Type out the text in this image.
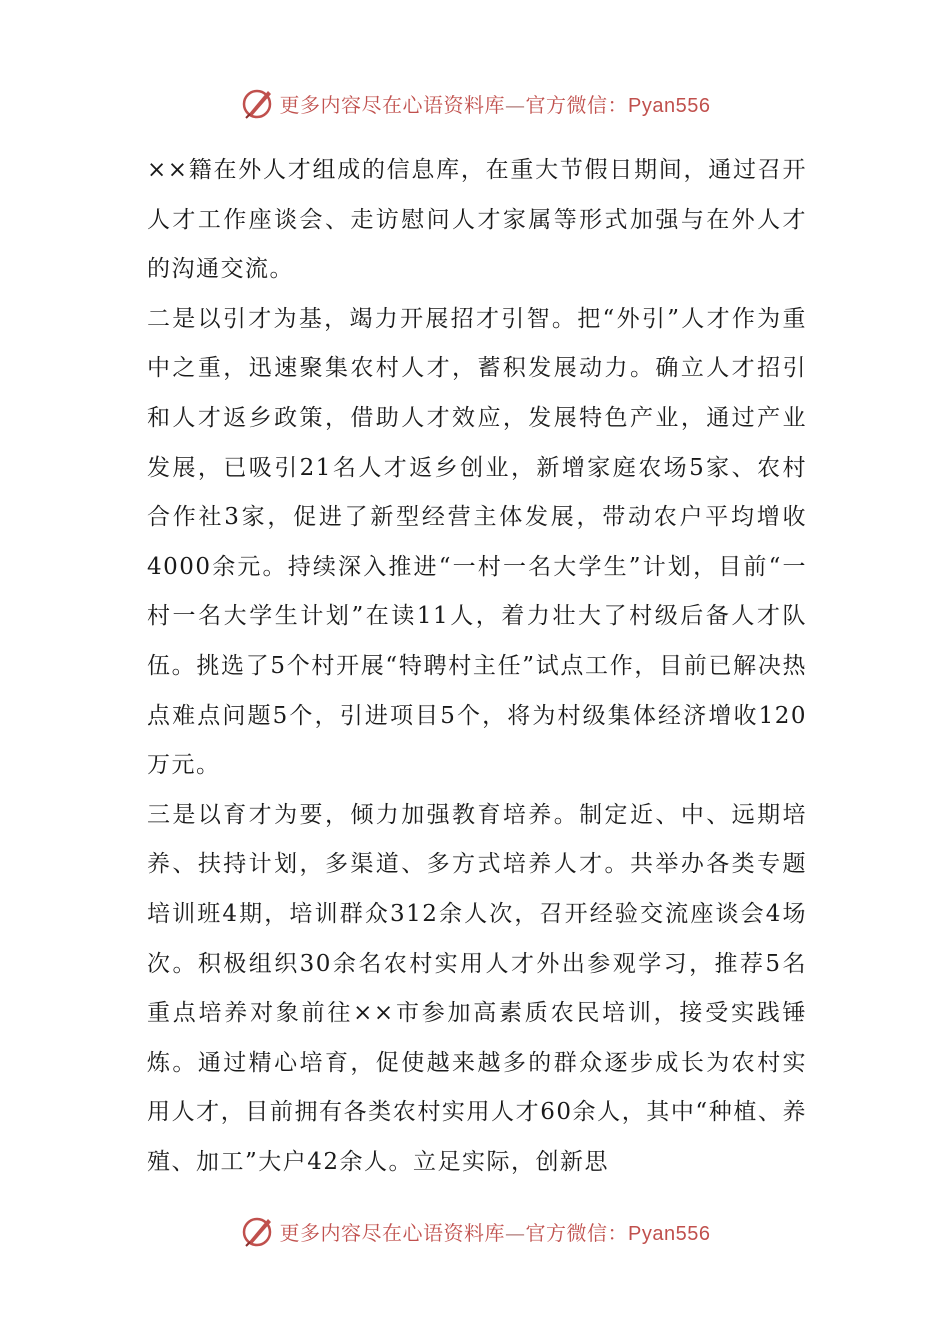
更多内容尽在心语资料库—官方微信：Pyan556

××籍在外人才组成的信息库，在重大节假日期间，通过召开人才工作座谈会、走访慰问人才家属等形式加强与在外人才的沟通交流。

二是以引才为基，竭力开展招才引智。把“外引”人才作为重中之重，迅速聚集农村人才，蓄积发展动力。确立人才招引和人才返乡政策，借助人才效应，发展特色产业，通过产业发展，已吸引21名人才返乡创业，新增家庭农场5家、农村合作社3家，促进了新型经营主体发展，带动农户平均增收4000余元。持续深入推进“一村一名大学生”计划，目前“一村一名大学生计划”在读11人，着力壮大了村级后备人才队伍。挑选了5个村开展“特聘村主任”试点工作，目前已解决热点难点问题5个，引进项目5个，将为村级集体经济增收120万元。

三是以育才为要，倾力加强教育培养。制定近、中、远期培养、扶持计划，多渠道、多方式培养人才。共举办各类专题培训班4期，培训群众312余人次，召开经验交流座谈会4场次。积极组织30余名农村实用人才外出参观学习，推荐5名重点培养对象前往××市参加高素质农民培训，接受实践锤炼。通过精心培育，促使越来越多的群众逐步成长为农村实用人才，目前拥有各类农村实用人才60余人，其中“种植、养殖、加工”大户42余人。立足实际，创新思

更多内容尽在心语资料库—官方微信：Pyan556
